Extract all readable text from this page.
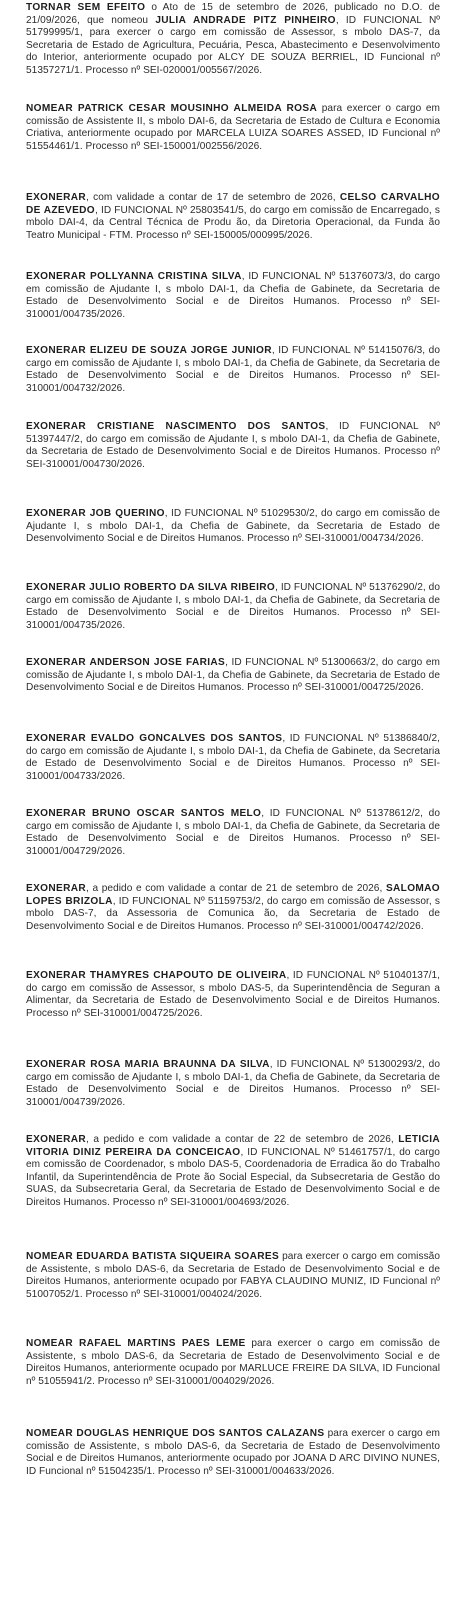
TORNAR SEM EFEITO o Ato de 15 de setembro de 2026, publicado no D.O. de 21/09/2026, que nomeou JULIA ANDRADE PITZ PINHEIRO, ID FUNCIONAL Nº 51799995/1, para exercer o cargo em comissão de Assessor, s mbolo DAS-7, da Secretaria de Estado de Agricultura, Pecuária, Pesca, Abastecimento e Desenvolvimento do Interior, anteriormente ocupado por ALCY DE SOUZA BERRIEL, ID Funcional nº 51357271/1. Processo nº SEI-020001/005567/2026.

NOMEAR PATRICK CESAR MOUSINHO ALMEIDA ROSA para exercer o cargo em comissão de Assistente II, s mbolo DAI-6, da Secretaria de Estado de Cultura e Economia Criativa, anteriormente ocupado por MARCELA LUIZA SOARES ASSED, ID Funcional nº 51554461/1. Processo nº SEI-150001/002556/2026.

EXONERAR, com validade a contar de 17 de setembro de 2026, CELSO CARVALHO DE AZEVEDO, ID FUNCIONAL Nº 25803541/5, do cargo em comissão de Encarregado, s mbolo DAI-4, da Central Técnica de Produ ão, da Diretoria Operacional, da Funda ão Teatro Municipal - FTM. Processo nº SEI-150005/000995/2026.

EXONERAR POLLYANNA CRISTINA SILVA, ID FUNCIONAL Nº 51376073/3, do cargo em comissão de Ajudante I, s mbolo DAI-1, da Chefia de Gabinete, da Secretaria de Estado de Desenvolvimento Social e de Direitos Humanos. Processo nº SEI-310001/004735/2026.

EXONERAR ELIZEU DE SOUZA JORGE JUNIOR, ID FUNCIONAL Nº 51415076/3, do cargo em comissão de Ajudante I, s mbolo DAI-1, da Chefia de Gabinete, da Secretaria de Estado de Desenvolvimento Social e de Direitos Humanos. Processo nº SEI-310001/004732/2026.

EXONERAR CRISTIANE NASCIMENTO DOS SANTOS, ID FUNCIONAL Nº 51397447/2, do cargo em comissão de Ajudante I, s mbolo DAI-1, da Chefia de Gabinete, da Secretaria de Estado de Desenvolvimento Social e de Direitos Humanos. Processo nº SEI-310001/004730/2026.

EXONERAR JOB QUERINO, ID FUNCIONAL Nº 51029530/2, do cargo em comissão de Ajudante I, s mbolo DAI-1, da Chefia de Gabinete, da Secretaria de Estado de Desenvolvimento Social e de Direitos Humanos. Processo nº SEI-310001/004734/2026.

EXONERAR JULIO ROBERTO DA SILVA RIBEIRO, ID FUNCIONAL Nº 51376290/2, do cargo em comissão de Ajudante I, s mbolo DAI-1, da Chefia de Gabinete, da Secretaria de Estado de Desenvolvimento Social e de Direitos Humanos. Processo nº SEI-310001/004735/2026.

EXONERAR ANDERSON JOSE FARIAS, ID FUNCIONAL Nº 51300663/2, do cargo em comissão de Ajudante I, s mbolo DAI-1, da Chefia de Gabinete, da Secretaria de Estado de Desenvolvimento Social e de Direitos Humanos. Processo nº SEI-310001/004725/2026.

EXONERAR EVALDO GONCALVES DOS SANTOS, ID FUNCIONAL Nº 51386840/2, do cargo em comissão de Ajudante I, s mbolo DAI-1, da Chefia de Gabinete, da Secretaria de Estado de Desenvolvimento Social e de Direitos Humanos. Processo nº SEI-310001/004733/2026.

EXONERAR BRUNO OSCAR SANTOS MELO, ID FUNCIONAL Nº 51378612/2, do cargo em comissão de Ajudante I, s mbolo DAI-1, da Chefia de Gabinete, da Secretaria de Estado de Desenvolvimento Social e de Direitos Humanos. Processo nº SEI-310001/004729/2026.

EXONERAR, a pedido e com validade a contar de 21 de setembro de 2026, SALOMAO LOPES BRIZOLA, ID FUNCIONAL Nº 51159753/2, do cargo em comissão de Assessor, s mbolo DAS-7, da Assessoria de Comunica ão, da Secretaria de Estado de Desenvolvimento Social e de Direitos Humanos. Processo nº SEI-310001/004742/2026.

EXONERAR THAMYRES CHAPOUTO DE OLIVEIRA, ID FUNCIONAL Nº 51040137/1, do cargo em comissão de Assessor, s mbolo DAS-5, da Superintendência de Seguran a Alimentar, da Secretaria de Estado de Desenvolvimento Social e de Direitos Humanos. Processo nº SEI-310001/004725/2026.

EXONERAR ROSA MARIA BRAUNNA DA SILVA, ID FUNCIONAL Nº 51300293/2, do cargo em comissão de Ajudante I, s mbolo DAI-1, da Chefia de Gabinete, da Secretaria de Estado de Desenvolvimento Social e de Direitos Humanos. Processo nº SEI-310001/004739/2026.

EXONERAR, a pedido e com validade a contar de 22 de setembro de 2026, LETICIA VITORIA DINIZ PEREIRA DA CONCEICAO, ID FUNCIONAL Nº 51461757/1, do cargo em comissão de Coordenador, s mbolo DAS-5, Coordenadoria de Erradica ão do Trabalho Infantil, da Superintendência de Prote ão Social Especial, da Subsecretaria de Gestão do SUAS, da Subsecretaria Geral, da Secretaria de Estado de Desenvolvimento Social e de Direitos Humanos. Processo nº SEI-310001/004693/2026.

NOMEAR EDUARDA BATISTA SIQUEIRA SOARES para exercer o cargo em comissão de Assistente, s mbolo DAS-6, da Secretaria de Estado de Desenvolvimento Social e de Direitos Humanos, anteriormente ocupado por FABYA CLAUDINO MUNIZ, ID Funcional nº 51007052/1. Processo nº SEI-310001/004024/2026.

NOMEAR RAFAEL MARTINS PAES LEME para exercer o cargo em comissão de Assistente, s mbolo DAS-6, da Secretaria de Estado de Desenvolvimento Social e de Direitos Humanos, anteriormente ocupado por MARLUCE FREIRE DA SILVA, ID Funcional nº 51055941/2. Processo nº SEI-310001/004029/2026.

NOMEAR DOUGLAS HENRIQUE DOS SANTOS CALAZANS para exercer o cargo em comissão de Assistente, s mbolo DAS-6, da Secretaria de Estado de Desenvolvimento Social e de Direitos Humanos, anteriormente ocupado por JOANA D ARC DIVINO NUNES, ID Funcional nº 51504235/1. Processo nº SEI-310001/004633/2026.
